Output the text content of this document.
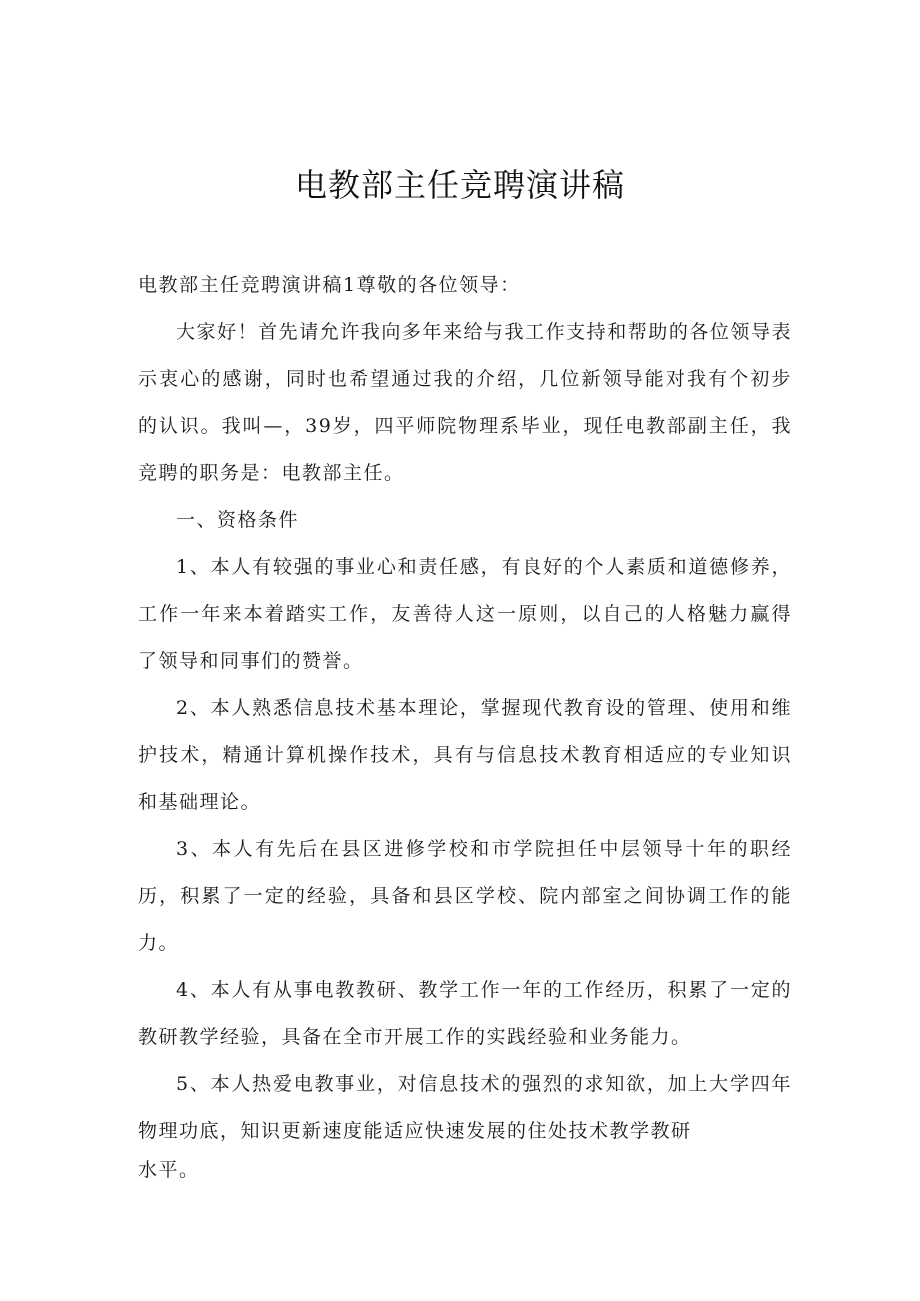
电教部主任竞聘演讲稿

电教部主任竞聘演讲稿1尊敬的各位领导：

大家好！首先请允许我向多年来给与我工作支持和帮助的各位领导表示衷心的感谢，同时也希望通过我的介绍，几位新领导能对我有个初步的认识。我叫—，39岁，四平师院物理系毕业，现任电教部副主任，我竞聘的职务是：电教部主任。

一、资格条件

1、本人有较强的事业心和责任感，有良好的个人素质和道德修养，工作一年来本着踏实工作，友善待人这一原则，以自己的人格魅力赢得了领导和同事们的赞誉。

2、本人熟悉信息技术基本理论，掌握现代教育设的管理、使用和维护技术，精通计算机操作技术，具有与信息技术教育相适应的专业知识和基础理论。

3、本人有先后在县区进修学校和市学院担任中层领导十年的职经历，积累了一定的经验，具备和县区学校、院内部室之间协调工作的能力。

4、本人有从事电教教研、教学工作一年的工作经历，积累了一定的教研教学经验，具备在全市开展工作的实践经验和业务能力。

5、本人热爱电教事业，对信息技术的强烈的求知欲，加上大学四年物理功底，知识更新速度能适应快速发展的住处技术教学教研

水平。
